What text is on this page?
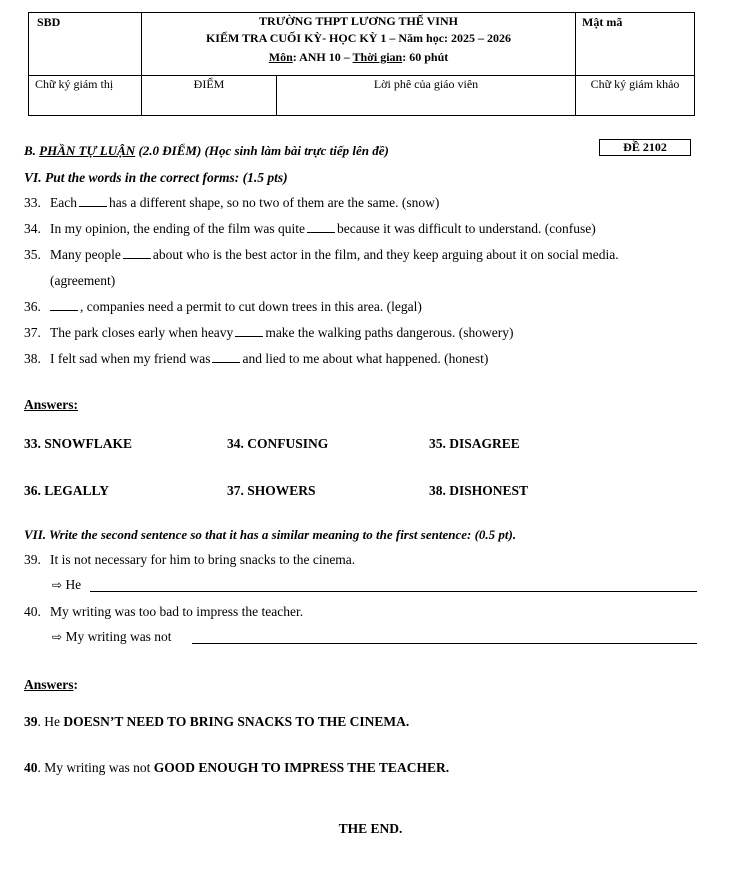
SBD	TRƯỜNG THPT LƯƠNG THẾ VINH
KIỂM TRA CUỐI KỲ- HỌC KỲ 1 – Năm học: 2025 – 2026
Môn: ANH 10 – Thời gian: 60 phút		Mật mã
Chữ ký giám thị	ĐIỂM	Lời phê của giáo viên	Chữ ký giám khảo
B. PHẦN TỰ LUẬN (2.0 ĐIỂM) (Học sinh làm bài trực tiếp lên đề)	ĐỀ 2102
VI. Put the words in the correct forms: (1.5 pts)
33. Each has a different shape, so no two of them are the same. (snow)
34. In my opinion, the ending of the film was quite because it was difficult to understand. (confuse)
35. Many people about who is the best actor in the film, and they keep arguing about it on social media.
(agreement)
36.	, companies need a permit to cut down trees in this area. (legal)
37. The park closes early when heavy make the walking paths dangerous. (showery)
38. I felt sad when my friend was and lied to me about what happened. (honest)
Answers:
33. SNOWFLAKE	34. CONFUSING	35. DISAGREE
36. LEGALLY	37. SHOWERS	38. DISHONEST
VII. Write the second sentence so that it has a similar meaning to the first sentence: (0.5 pt).
39. It is not necessary for him to bring snacks to the cinema.
⇨ He
40. My writing was too bad to impress the teacher.
⇨ My writing was not
Answers:
39. He DOESN’T NEED TO BRING SNACKS TO THE CINEMA.
40. My writing was not GOOD ENOUGH TO IMPRESS THE TEACHER.
THE END.
